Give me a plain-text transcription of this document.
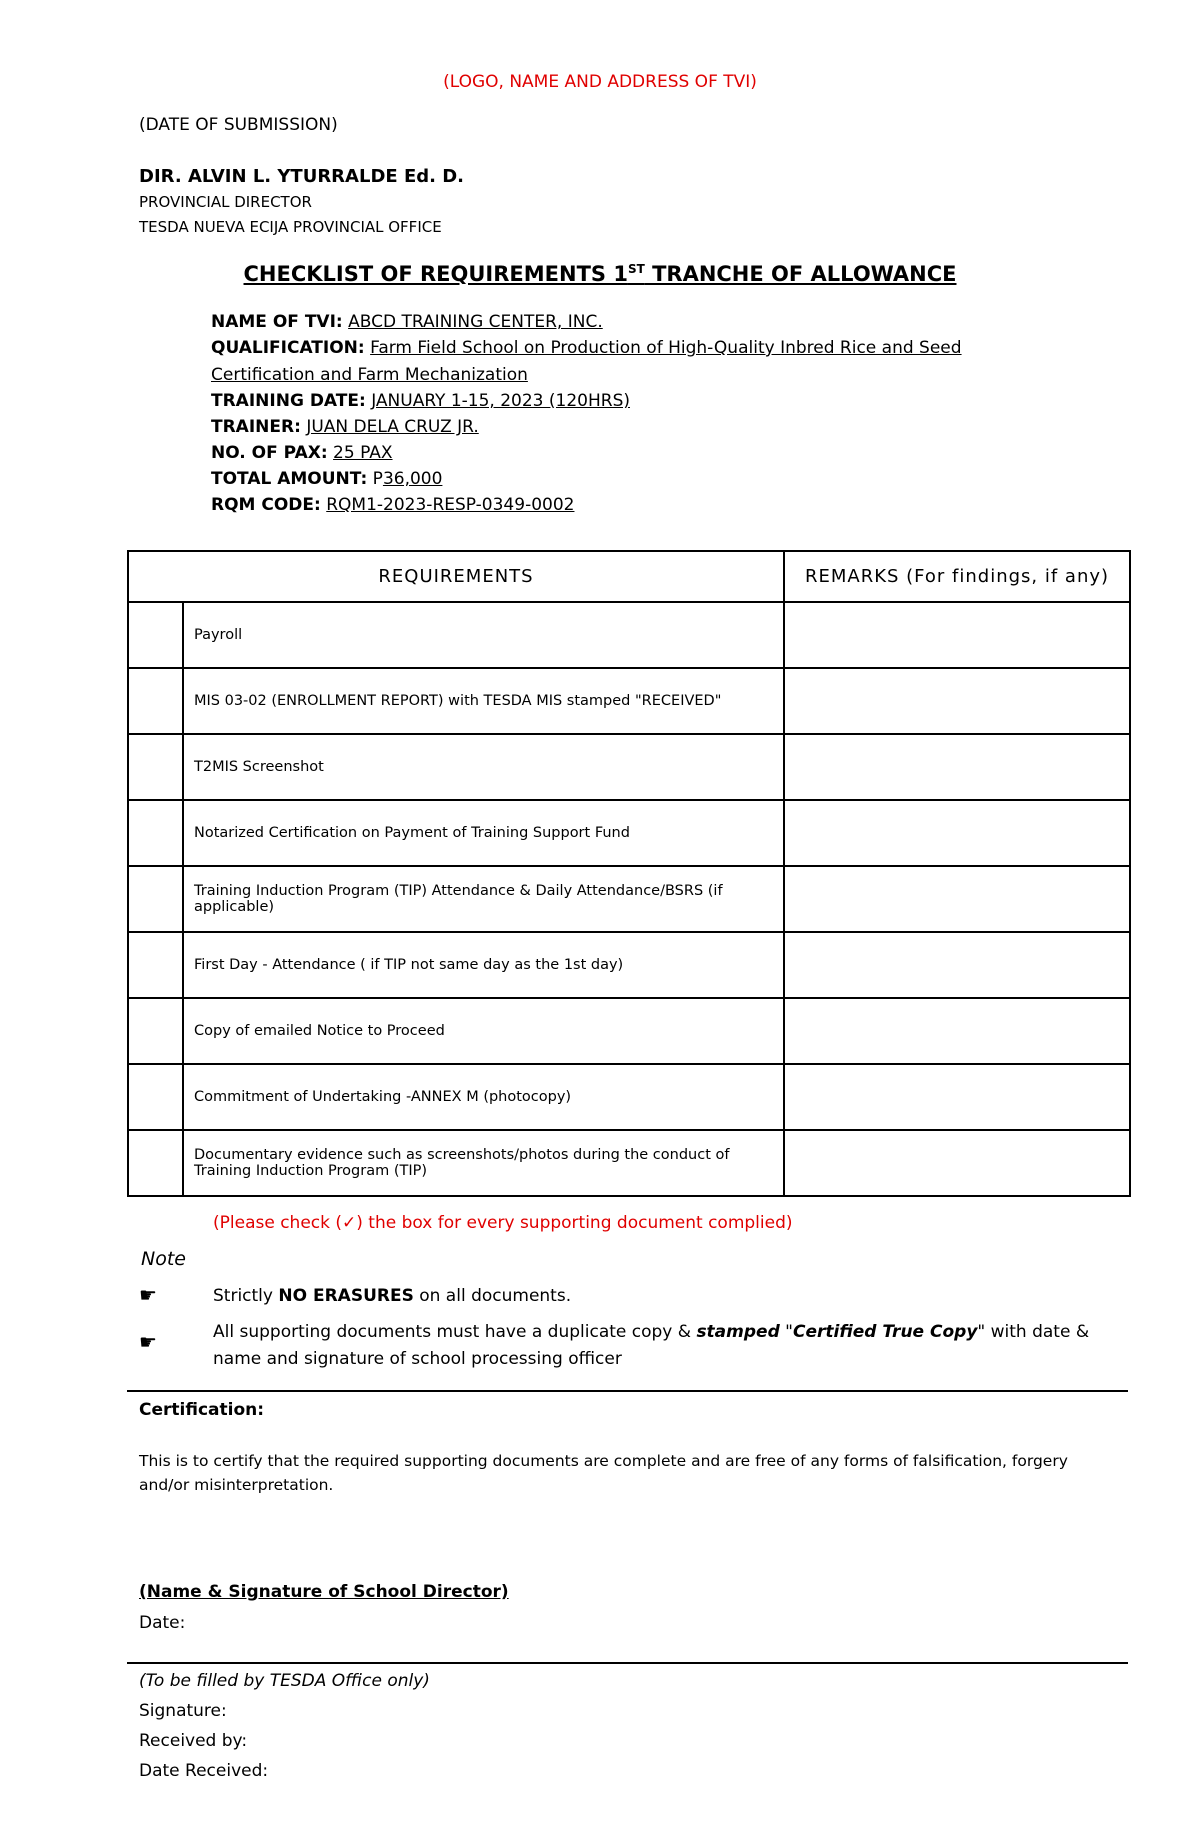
(LOGO, NAME AND ADDRESS OF TVI)
(DATE OF SUBMISSION)
DIR. ALVIN L. YTURRALDE Ed. D.
PROVINCIAL DIRECTOR
TESDA NUEVA ECIJA PROVINCIAL OFFICE
CHECKLIST OF REQUIREMENTS 1ST TRANCHE OF ALLOWANCE
NAME OF TVI: ABCD TRAINING CENTER, INC.
QUALIFICATION: Farm Field School on Production of High-Quality Inbred Rice and Seed
Certification and Farm Mechanization
TRAINING DATE: JANUARY 1-15, 2023 (120HRS)
TRAINER: JUAN DELA CRUZ JR.
NO. OF PAX: 25 PAX
TOTAL AMOUNT: P36,000
RQM CODE: RQM1-2023-RESP-0349-0002
REQUIREMENTS		REMARKS (For findings, if any)
	Payroll	
	MIS 03-02 (ENROLLMENT REPORT) with TESDA MIS stamped "RECEIVED"	
	T2MIS Screenshot	
	Notarized Certification on Payment of Training Support Fund	
	Training Induction Program (TIP) Attendance & Daily Attendance/BSRS (if applicable)	
	First Day - Attendance ( if TIP not same day as the 1st day)	
	Copy of emailed Notice to Proceed	
	Commitment of Undertaking -ANNEX M (photocopy)	
	Documentary evidence such as screenshots/photos during the conduct of Training Induction Program (TIP)	
(Please check (✓) the box for every supporting document complied)
Note
☛	Strictly NO ERASURES on all documents.
☛	All supporting documents must have a duplicate copy & stamped "Certified True Copy" with date &
name and signature of school processing officer
Certification:
This is to certify that the required supporting documents are complete and are free of any forms of falsification, forgery
and/or misinterpretation.
(Name & Signature of School Director)
Date:
(To be filled by TESDA Office only)
Signature:
Received by:
Date Received:
